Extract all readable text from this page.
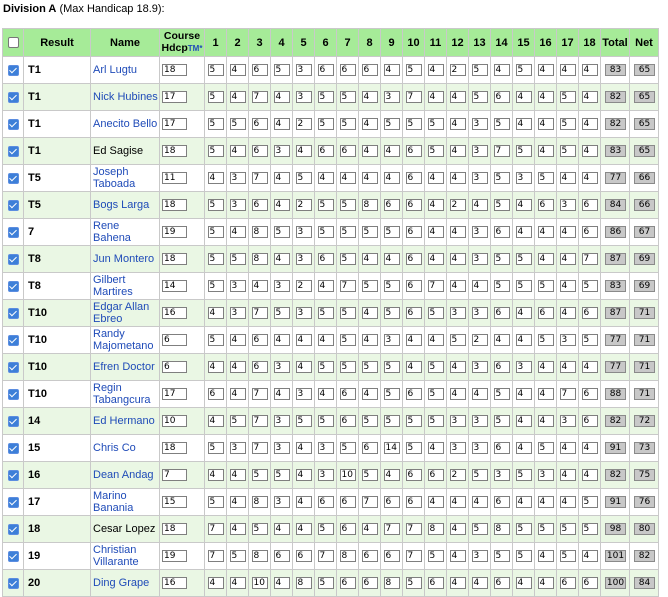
Division A (Max Handicap 18.9):
	Result	Name	Course
HdcpTM*	1	2	3	4	5	6	7	8	9	10	11	12	13	14	15	16	17	18	Total	Net
	T1	Arl Lugtu	18	5	4	6	5	3	6	6	6	4	5	4	2	5	4	5	4	4	4	83	65
	T1	Nick Hubines	17	5	4	7	4	3	5	5	4	3	7	4	4	5	6	4	4	5	4	82	65
	T1	Anecito Bello	17	5	5	6	4	2	5	5	4	5	5	5	4	3	5	4	4	5	4	82	65
	T1	Ed Sagise	18	5	4	6	3	4	6	6	4	4	6	5	4	3	7	5	4	5	4	83	65
	T5	Joseph Taboada	11	4	3	7	4	5	4	4	4	4	6	4	4	3	5	3	5	4	4	77	66
	T5	Bogs Larga	18	5	3	6	4	2	5	5	8	6	6	4	2	4	5	4	6	3	6	84	66
	7	Rene Bahena	19	5	4	8	5	3	5	5	5	5	6	4	4	3	6	4	4	4	6	86	67
	T8	Jun Montero	18	5	5	8	4	3	6	5	4	4	6	4	4	3	5	5	4	4	7	87	69
	T8	Gilbert Martires	14	5	3	4	3	2	4	7	5	5	6	7	4	4	5	5	5	4	5	83	69
	T10	Edgar Allan Ebreo	16	4	3	7	5	3	5	5	4	5	6	5	3	3	6	4	6	4	6	87	71
	T10	Randy Majometano	6	5	4	6	4	4	4	5	4	3	4	4	5	2	4	4	5	3	5	77	71
	T10	Efren Doctor	6	4	4	6	3	4	5	5	5	5	4	5	4	3	6	3	4	4	4	77	71
	T10	Regin Tabangcura	17	6	4	7	4	3	4	6	4	5	6	5	4	4	5	4	4	7	6	88	71
	14	Ed Hermano	10	4	5	7	3	5	5	6	5	5	5	5	3	3	5	4	4	3	6	82	72
	15	Chris Co	18	5	3	7	3	4	3	5	6	14	5	4	3	3	6	4	5	4	4	91	73
	16	Dean Andag	7	4	4	5	5	4	3	10	5	4	6	6	2	5	3	5	3	4	4	82	75
	17	Marino Banania	15	5	4	8	3	4	6	6	7	6	6	4	4	4	6	4	4	4	5	91	76
	18	Cesar Lopez	18	7	4	5	4	4	5	6	4	7	7	8	4	5	8	5	5	5	5	98	80
	19	Christian Villarante	19	7	5	8	6	6	7	8	6	6	7	5	4	3	5	5	4	5	4	101	82
	20	Ding Grape	16	4	4	10	4	8	5	6	6	8	5	6	4	4	6	4	4	6	6	100	84
